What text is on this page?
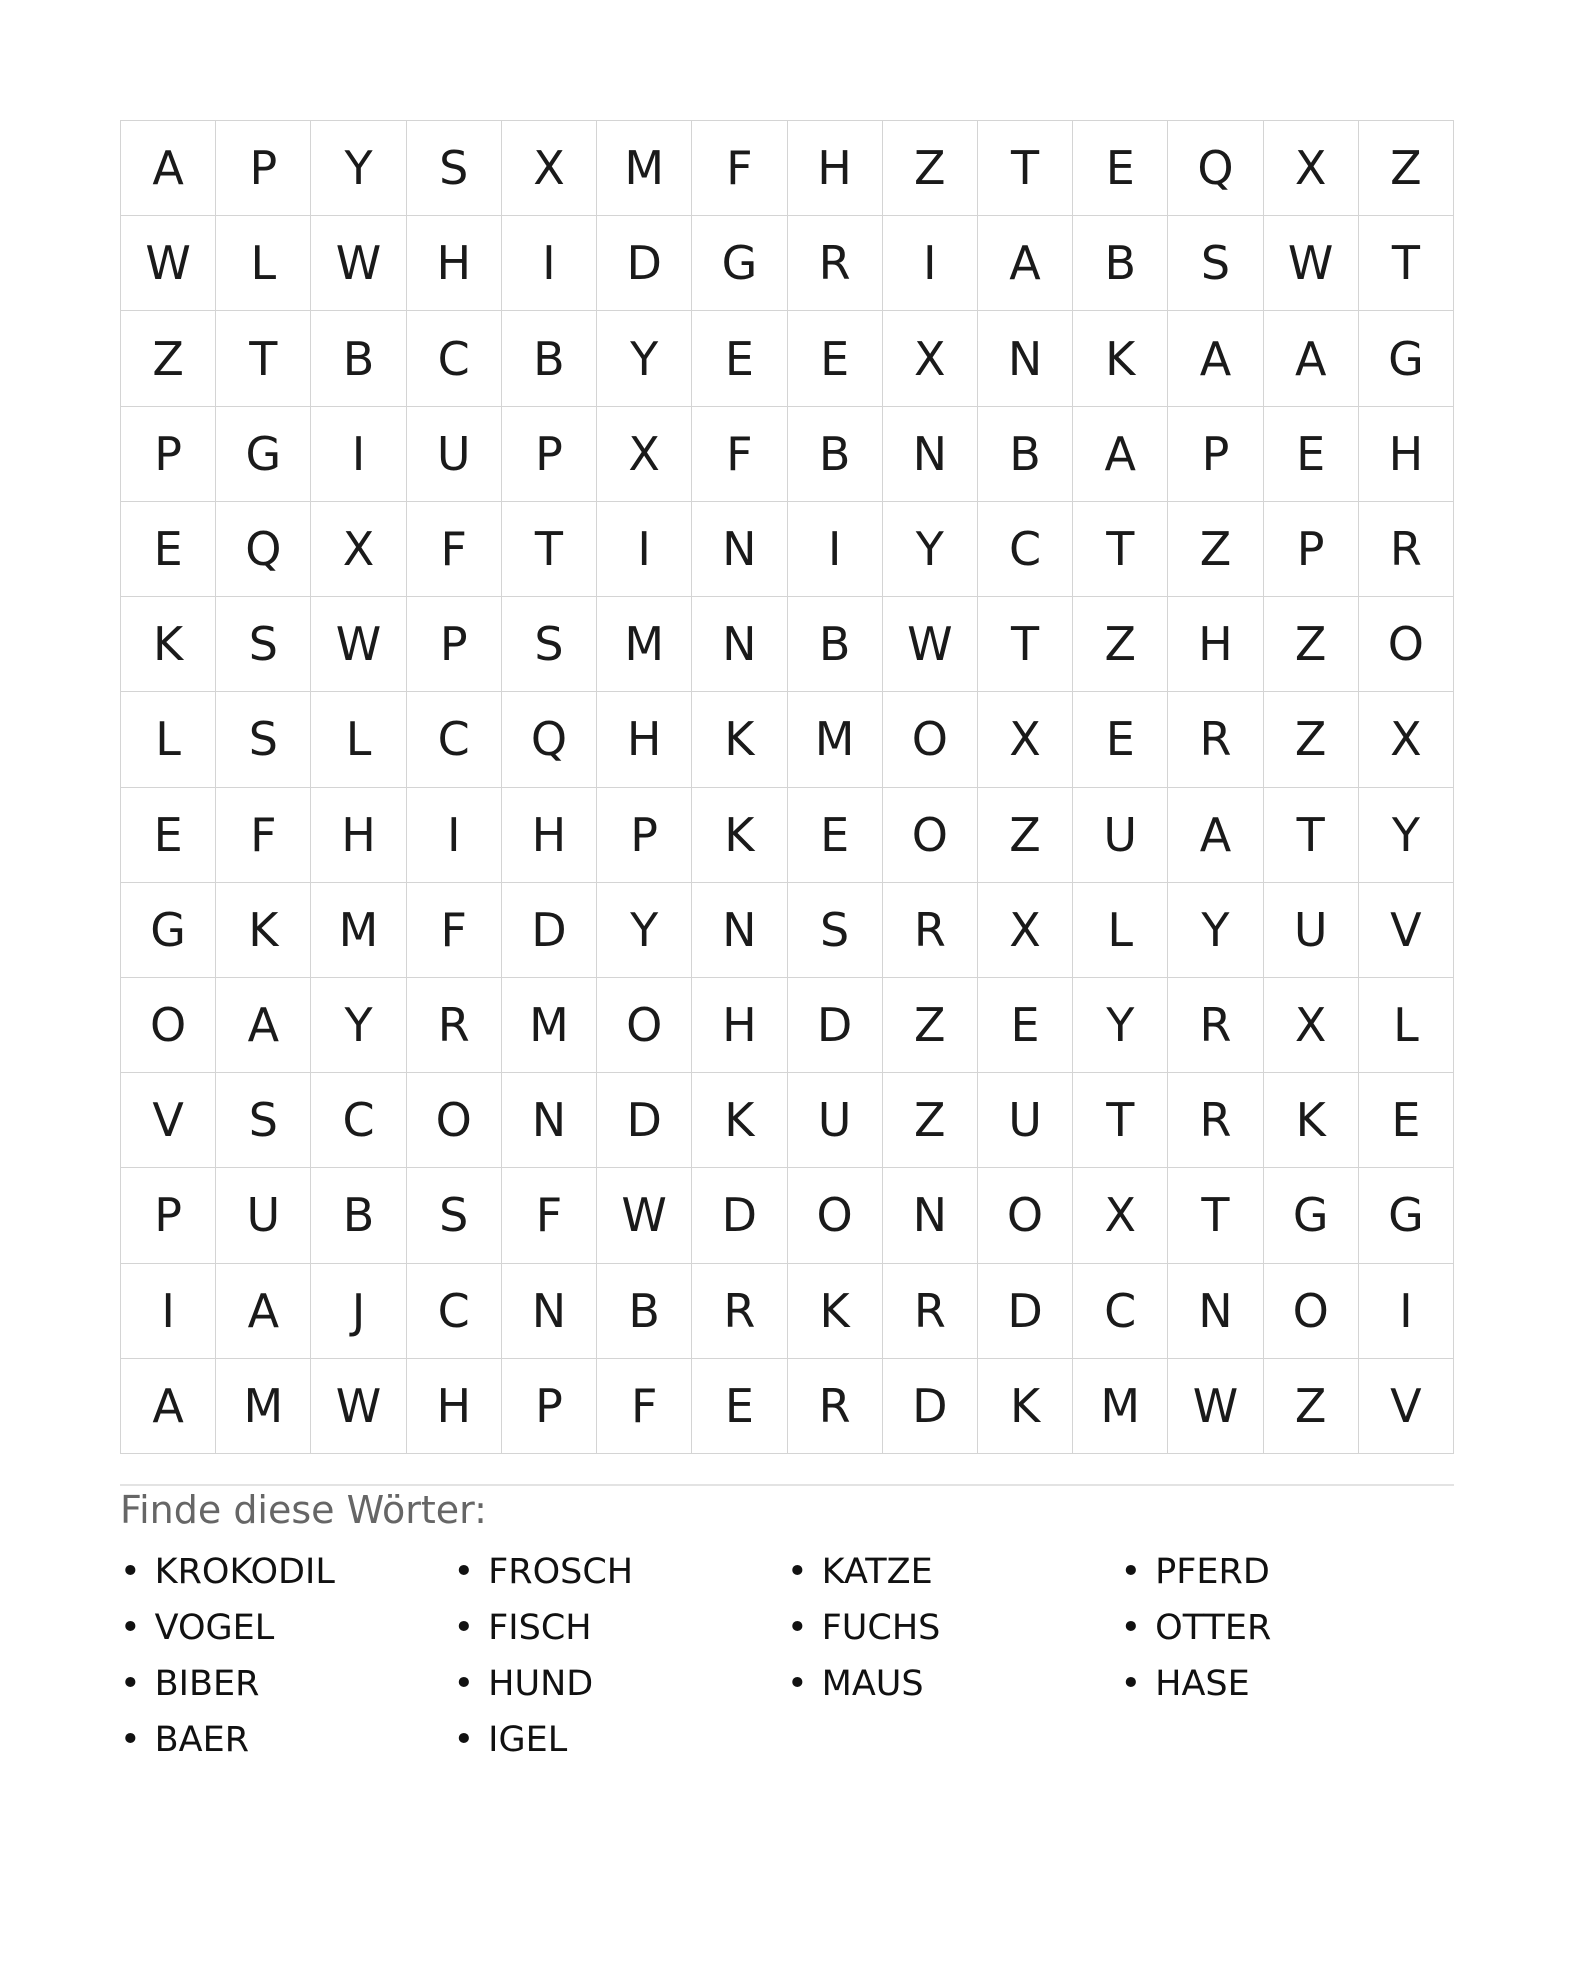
A	P	Y	S	X	M	F	H	Z	T	E	Q	X	Z
W	L	W	H	I	D	G	R	I	A	B	S	W	T
Z	T	B	C	B	Y	E	E	X	N	K	A	A	G
P	G	I	U	P	X	F	B	N	B	A	P	E	H
E	Q	X	F	T	I	N	I	Y	C	T	Z	P	R
K	S	W	P	S	M	N	B	W	T	Z	H	Z	O
L	S	L	C	Q	H	K	M	O	X	E	R	Z	X
E	F	H	I	H	P	K	E	O	Z	U	A	T	Y
G	K	M	F	D	Y	N	S	R	X	L	Y	U	V
O	A	Y	R	M	O	H	D	Z	E	Y	R	X	L
V	S	C	O	N	D	K	U	Z	U	T	R	K	E
P	U	B	S	F	W	D	O	N	O	X	T	G	G
I	A	J	C	N	B	R	K	R	D	C	N	O	I
A	M	W	H	P	F	E	R	D	K	M	W	Z	V
Finde diese Wörter:
• KROKODIL	• FROSCH	• KATZE	• PFERD
• VOGEL	• FISCH	• FUCHS	• OTTER
• BIBER	• HUND	• MAUS	• HASE
• BAER	• IGEL
